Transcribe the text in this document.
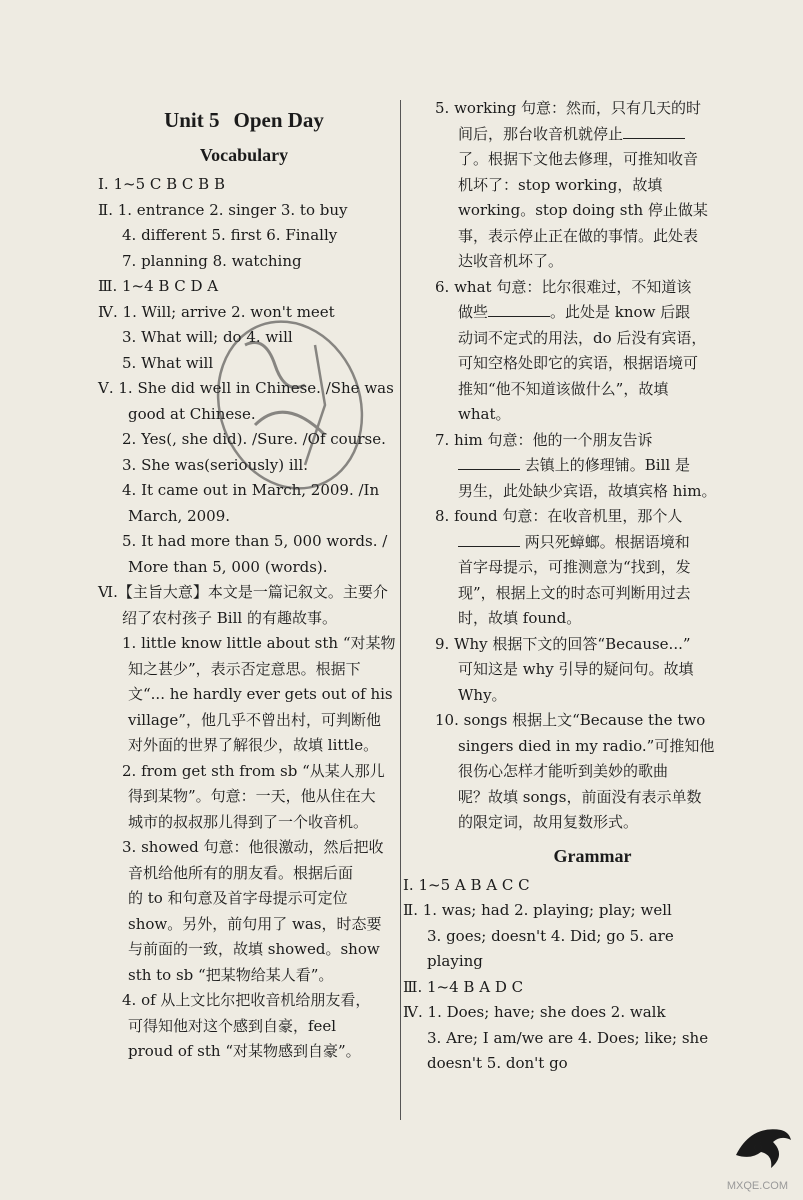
Unit 5 Open Day
Vocabulary
Ⅰ. 1~5 C B C B B
Ⅱ. 1. entrance 2. singer 3. to buy
4. different 5. first 6. Finally
7. planning 8. watching
Ⅲ. 1~4 B C D A
Ⅳ. 1. Will; arrive 2. won't meet
3. What will; do 4. will
5. What will
Ⅴ. 1. She did well in Chinese. /She was
good at Chinese.
2. Yes(, she did). /Sure. /Of course.
3. She was(seriously) ill.
4. It came out in March, 2009. /In
March, 2009.
5. It had more than 5, 000 words. /
More than 5, 000 (words).
Ⅵ.【主旨大意】本文是一篇记叙文。主要介
绍了农村孩子 Bill 的有趣故事。
1. little know little about sth “对某物
知之甚少”，表示否定意思。根据下
文“... he hardly ever gets out of his
village”，他几乎不曾出村，可判断他
对外面的世界了解很少，故填 little。
2. from get sth from sb “从某人那儿
得到某物”。句意：一天，他从住在大
城市的叔叔那儿得到了一个收音机。
3. showed 句意：他很激动，然后把收
音机给他所有的朋友看。根据后面
的 to 和句意及首字母提示可定位
show。另外，前句用了 was，时态要
与前面的一致，故填 showed。show
sth to sb “把某物给某人看”。
4. of 从上文比尔把收音机给朋友看，
可得知他对这个感到自豪，feel
proud of sth “对某物感到自豪”。
5. working 句意：然而，只有几天的时
间后，那台收音机就停止
了。根据下文他去修理，可推知收音
机坏了：stop working，故填
working。stop doing sth 停止做某
事，表示停止正在做的事情。此处表
达收音机坏了。
6. what 句意：比尔很难过，不知道该
做些	。此处是 know 后跟
动词不定式的用法，do 后没有宾语，
可知空格处即它的宾语，根据语境可
推知“他不知道该做什么”，故填
what。
7. him 句意：他的一个朋友告诉
去镇上的修理铺。Bill 是
男生，此处缺少宾语，故填宾格 him。
8. found 句意：在收音机里，那个人
两只死蟑螂。根据语境和
首字母提示，可推测意为“找到，发
现”，根据上文的时态可判断用过去
时，故填 found。
9. Why 根据下文的回答“Because...”
可知这是 why 引导的疑问句。故填
Why。
10. songs 根据上文“Because the two
singers died in my radio.”可推知他
很伤心怎样才能听到美妙的歌曲
呢？故填 songs，前面没有表示单数
的限定词，故用复数形式。
Grammar
Ⅰ. 1~5 A B A C C
Ⅱ. 1. was; had 2. playing; play; well
3. goes; doesn't 4. Did; go 5. are
playing
Ⅲ. 1~4 B A D C
Ⅳ. 1. Does; have; she does 2. walk
3. Are; I am/we are 4. Does; like; she
doesn't 5. don't go
8
MXQE.COM
